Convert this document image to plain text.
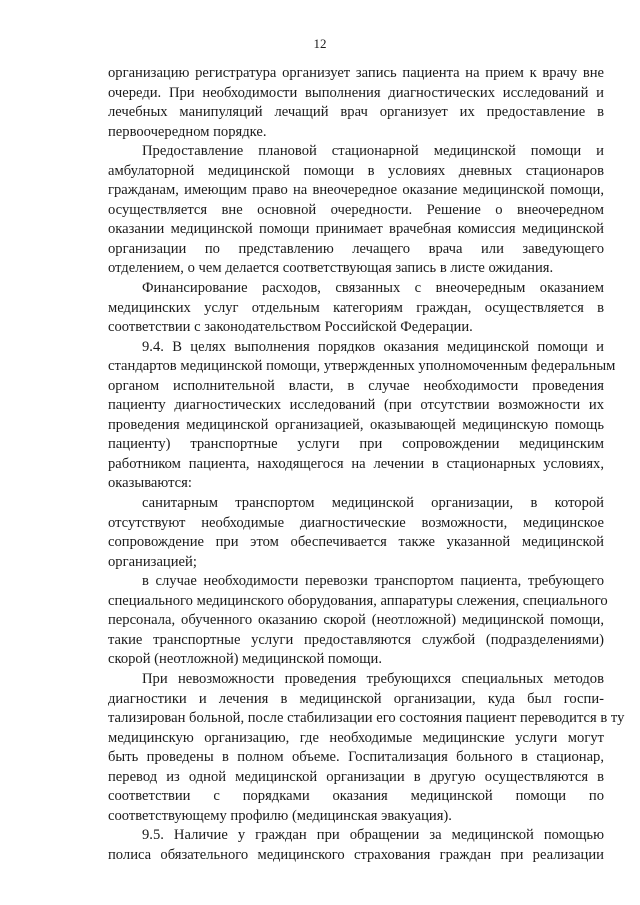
12
организацию регистратура организует запись пациента на прием к врачу вне
очереди. При необходимости выполнения диагностических исследований и
лечебных манипуляций лечащий врач организует их предоставление в
первоочередном порядке.
Предоставление плановой стационарной медицинской помощи и
амбулаторной медицинской помощи в условиях дневных стационаров
гражданам, имеющим право на внеочередное оказание медицинской помощи,
осуществляется вне основной очередности. Решение о внеочередном
оказании медицинской помощи принимает врачебная комиссия медицинской
организации по представлению лечащего врача или заведующего
отделением, о чем делается соответствующая запись в листе ожидания.
Финансирование расходов, связанных с внеочередным оказанием
медицинских услуг отдельным категориям граждан, осуществляется в
соответствии с законодательством Российской Федерации.
9.4. В целях выполнения порядков оказания медицинской помощи и
стандартов медицинской помощи, утвержденных уполномоченным федеральным
органом исполнительной власти, в случае необходимости проведения
пациенту диагностических исследований (при отсутствии возможности их
проведения медицинской организацией, оказывающей медицинскую помощь
пациенту) транспортные услуги при сопровождении медицинским
работником пациента, находящегося на лечении в стационарных условиях,
оказываются:
санитарным транспортом медицинской организации, в которой
отсутствуют необходимые диагностические возможности, медицинское
сопровождение при этом обеспечивается также указанной медицинской
организацией;
в случае необходимости перевозки транспортом пациента, требующего
специального медицинского оборудования, аппаратуры слежения, специального
персонала, обученного оказанию скорой (неотложной) медицинской помощи,
такие транспортные услуги предоставляются службой (подразделениями)
скорой (неотложной) медицинской помощи.
При невозможности проведения требующихся специальных методов
диагностики и лечения в медицинской организации, куда был госпи-
тализирован больной, после стабилизации его состояния пациент переводится в ту
медицинскую организацию, где необходимые медицинские услуги могут
быть проведены в полном объеме. Госпитализация больного в стационар,
перевод из одной медицинской организации в другую осуществляются в
соответствии с порядками оказания медицинской помощи по
соответствующему профилю (медицинская эвакуация).
9.5. Наличие у граждан при обращении за медицинской помощью
полиса обязательного медицинского страхования граждан при реализации
